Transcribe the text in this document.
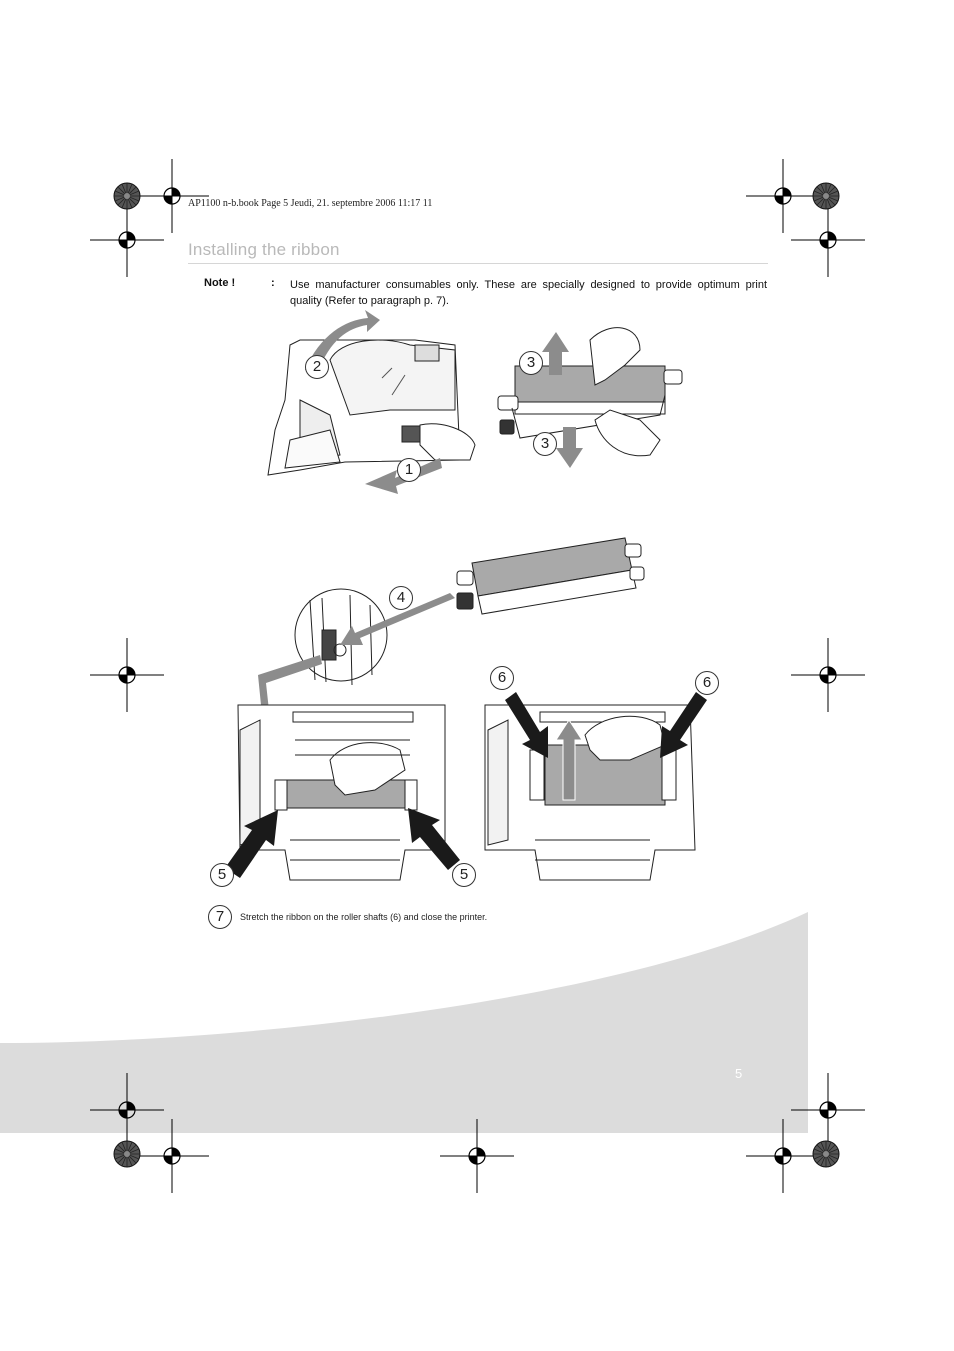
AP1100 n-b.book Page 5 Jeudi, 21. septembre 2006 11:17 11
Installing the ribbon
Note !	: Use manufacturer consumables only. These are specially designed to provide optimum print quality (Refer to paragraph p. 7).
2
1
3
3
4
5	5
6	6
7	Stretch the ribbon on the roller shafts (6) and close the printer.
5
